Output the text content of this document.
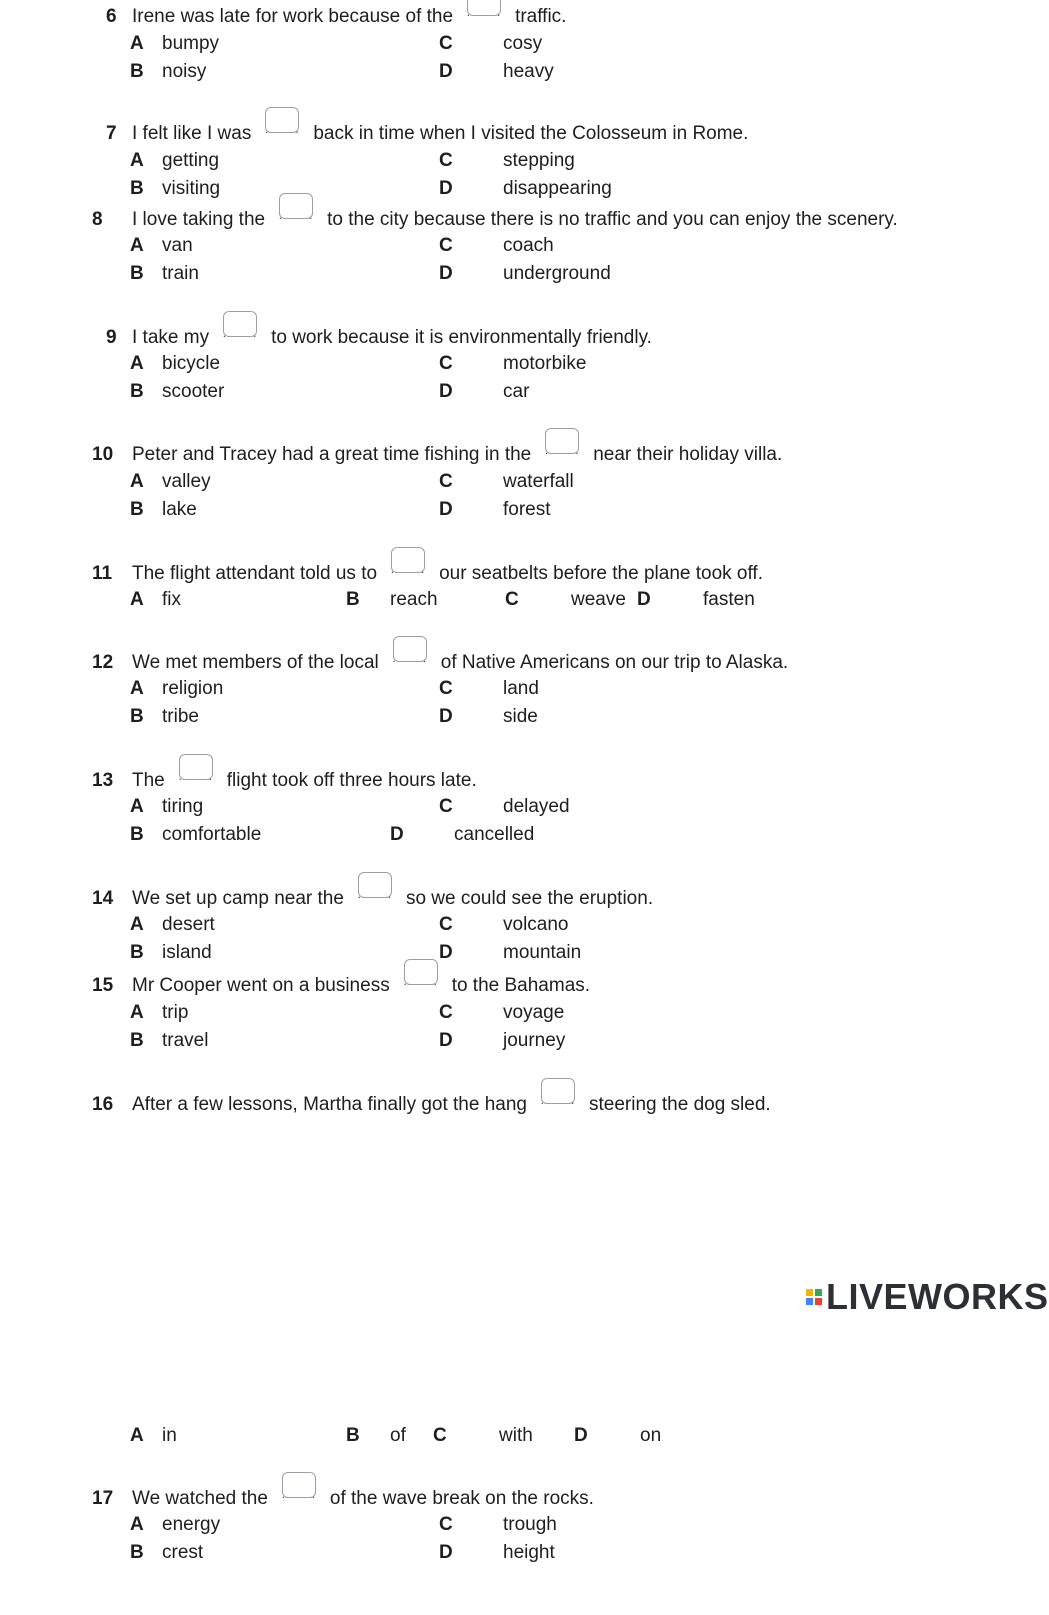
LIVEWORKS
6 Irene was late for work because of the	traffic.
A bumpy
B noisy
C	cosy
D	heavy
7 I felt like I was	back in time when I visited the Colosseum in Rome.
A getting
B visiting
C	stepping
D	disappearing
8 I love taking the	to the city because there is no traffic and you can enjoy the scenery.
A van
B train
C	coach
D	underground
9 I take my	to work because it is environmentally friendly.
A bicycle
B scooter
C	motorbike
D	car
10 Peter and Tracey had a great time fishing in the	near their holiday villa.
A valley
B lake
C	waterfall
D	forest
11 The flight attendant told us to	our seatbelts before the plane took off.
A fix	B reach	C	weave D	fasten
12 We met members of the local	of Native Americans on our trip to Alaska.
A religion
B tribe
C	land
D	side
13 The	flight took off three hours late.
A tiring
B comfortable
C	delayed
D	cancelled
14 We set up camp near the	so we could see the eruption.
A desert
B island
C	volcano
D	mountain
15 Mr Cooper went on a business	to the Bahamas.
A trip
B travel
C	voyage
D	journey
16 After a few lessons, Martha finally got the hang	steering the dog sled.
A in	B of C	with D	on
17 We watched the	of the wave break on the rocks.
A energy
B crest
C	trough
D	height
